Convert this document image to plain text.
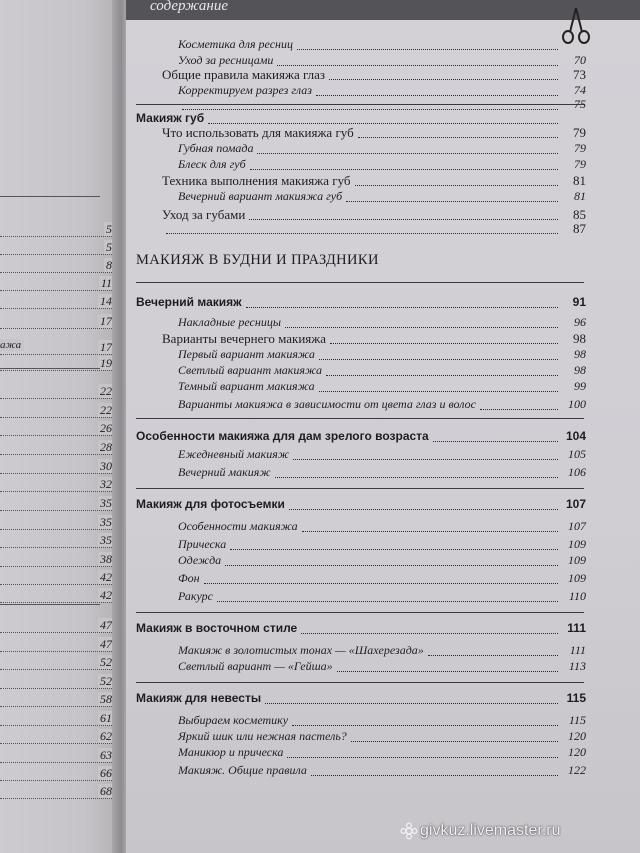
5
5
8
11
14
17
17
19
22
22
26
28
30
32
35
35
35
38
42
42
47
47
52
52
58
61
62
63
66
68
ажа
содержание
МАКИЯЖ В БУДНИ И ПРАЗДНИКИ
Косметика для ресниц
Уход за ресницами	70
Общие правила макияжа глаз	73
Корректируем разрез глаз	74
75
Макияж губ
Что использовать для макияжа губ	79
Губная помада	79
Блеск для губ	79
Техника выполнения макияжа губ	81
Вечерний вариант макияжа губ	81
Уход за губами	85
87
Вечерний макияж	91
Накладные ресницы	96
Варианты вечернего макияжа	98
Первый вариант макияжа	98
Светлый вариант макияжа	98
Темный вариант макияжа	99
Варианты макияжа в зависимости от цвета глаз и волос	100
Особенности макияжа для дам зрелого возраста	104
Ежедневный макияж	105
Вечерний макияж	106
Макияж для фотосъемки	107
Особенности макияжа	107
Прическа	109
Одежда	109
Фон	109
Ракурс	110
Макияж в восточном стиле	111
Макияж в золотистых тонах — «Шахерезада»	111
Светлый вариант — «Гейша»	113
Макияж для невесты	115
Выбираем косметику	115
Яркий шик или нежная пастель?	120
Маникюр и прическа	120
Макияж. Общие правила	122
givkuz.livemaster.ru
